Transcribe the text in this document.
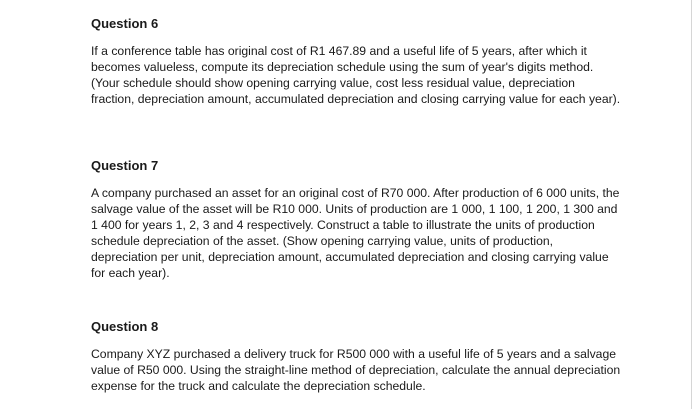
Question 6

If a conference table has original cost of R1 467.89 and a useful life of 5 years, after which it becomes valueless, compute its depreciation schedule using the sum of year's digits method. (Your schedule should show opening carrying value, cost less residual value, depreciation fraction, depreciation amount, accumulated depreciation and closing carrying value for each year).

Question 7

A company purchased an asset for an original cost of R70 000. After production of 6 000 units, the salvage value of the asset will be R10 000. Units of production are 1 000, 1 100, 1 200, 1 300 and 1 400 for years 1, 2, 3 and 4 respectively. Construct a table to illustrate the units of production schedule depreciation of the asset. (Show opening carrying value, units of production, depreciation per unit, depreciation amount, accumulated depreciation and closing carrying value for each year).

Question 8

Company XYZ purchased a delivery truck for R500 000 with a useful life of 5 years and a salvage value of R50 000. Using the straight-line method of depreciation, calculate the annual depreciation expense for the truck and calculate the depreciation schedule.
